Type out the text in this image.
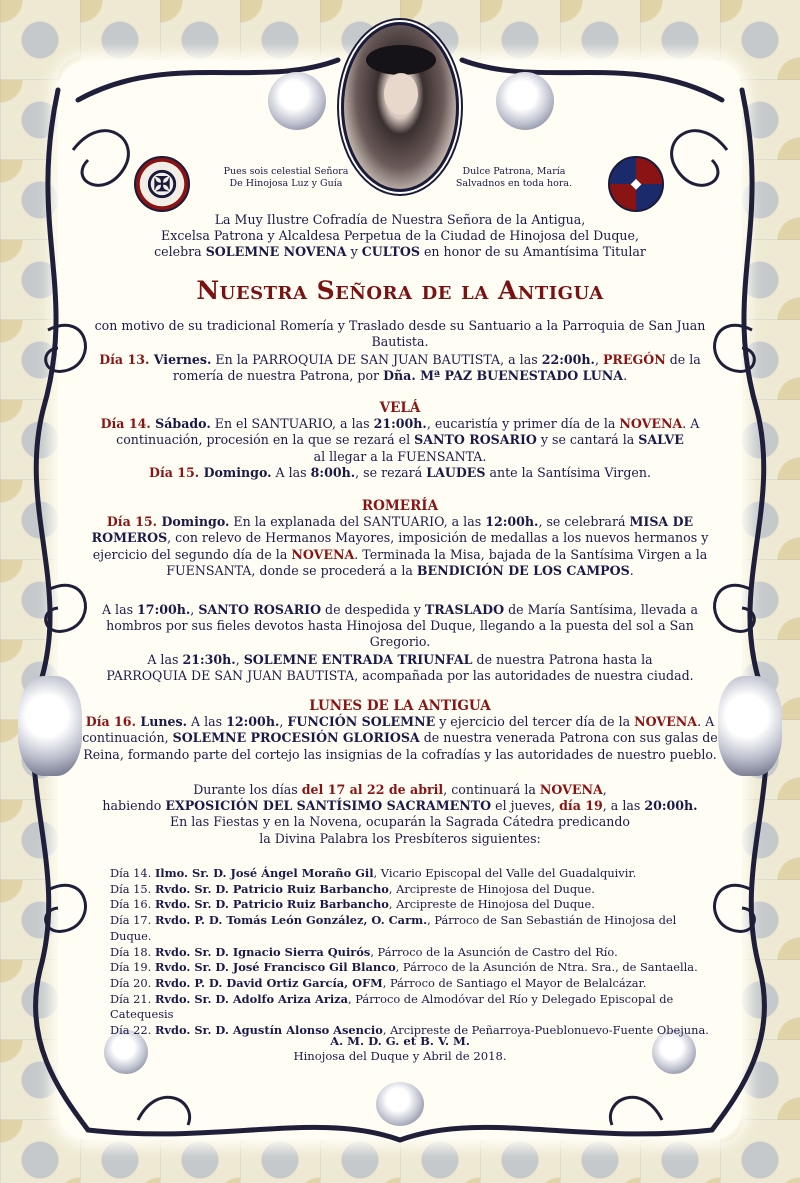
✠	◆
Pues sois celestial Señora
De Hinojosa Luz y Guía
Dulce Patrona, María
Salvadnos en toda hora.
La Muy Ilustre Cofradía de Nuestra Señora de la Antigua,
Excelsa Patrona y Alcaldesa Perpetua de la Ciudad de Hinojosa del Duque,
celebra SOLEMNE NOVENA y CULTOS en honor de su Amantísima Titular
Nuestra Señora de la Antigua
con motivo de su tradicional Romería y Traslado desde su Santuario a la Parroquia de San Juan Bautista.
Día 13. Viernes. En la PARROQUIA DE SAN JUAN BAUTISTA, a las 22:00h., PREGÓN de la
romería de nuestra Patrona, por Dña. Mª PAZ BUENESTADO LUNA.
VELÁ
Día 14. Sábado. En el SANTUARIO, a las 21:00h., eucaristía y primer día de la NOVENA. A
continuación, procesión en la que se rezará el SANTO ROSARIO y se cantará la SALVE
al llegar a la FUENSANTA.
Día 15. Domingo. A las 8:00h., se rezará LAUDES ante la Santísima Virgen.
ROMERÍA
Día 15. Domingo. En la explanada del SANTUARIO, a las 12:00h., se celebrará MISA DE
ROMEROS, con relevo de Hermanos Mayores, imposición de medallas a los nuevos hermanos y
ejercicio del segundo día de la NOVENA. Terminada la Misa, bajada de la Santísima Virgen a la
FUENSANTA, donde se procederá a la BENDICIÓN DE LOS CAMPOS.
A las 17:00h., SANTO ROSARIO de despedida y TRASLADO de María Santísima, llevada a
hombros por sus fieles devotos hasta Hinojosa del Duque, llegando a la puesta del sol a San Gregorio.
A las 21:30h., SOLEMNE ENTRADA TRIUNFAL de nuestra Patrona hasta la
PARROQUIA DE SAN JUAN BAUTISTA, acompañada por las autoridades de nuestra ciudad.
LUNES DE LA ANTIGUA
Día 16. Lunes. A las 12:00h., FUNCIÓN SOLEMNE y ejercicio del tercer día de la NOVENA. A
continuación, SOLEMNE PROCESIÓN GLORIOSA de nuestra venerada Patrona con sus galas de
Reina, formando parte del cortejo las insignias de la cofradías y las autoridades de nuestro pueblo.
Durante los días del 17 al 22 de abril, continuará la NOVENA,
habiendo EXPOSICIÓN DEL SANTÍSIMO SACRAMENTO el jueves, día 19, a las 20:00h.
En las Fiestas y en la Novena, ocuparán la Sagrada Cátedra predicando
la Divina Palabra los Presbíteros siguientes:
Día 14. Ilmo. Sr. D. José Ángel Moraño Gil, Vicario Episcopal del Valle del Guadalquivir.
Día 15. Rvdo. Sr. D. Patricio Ruiz Barbancho, Arcipreste de Hinojosa del Duque.
Día 16. Rvdo. Sr. D. Patricio Ruiz Barbancho, Arcipreste de Hinojosa del Duque.
Día 17. Rvdo. P. D. Tomás León González, O. Carm., Párroco de San Sebastián de Hinojosa del Duque.
Día 18. Rvdo. Sr. D. Ignacio Sierra Quirós, Párroco de la Asunción de Castro del Río.
Día 19. Rvdo. Sr. D. José Francisco Gil Blanco, Párroco de la Asunción de Ntra. Sra., de Santaella.
Día 20. Rvdo. P. D. David Ortiz García, OFM, Párroco de Santiago el Mayor de Belalcázar.
Día 21. Rvdo. Sr. D. Adolfo Ariza Ariza, Párroco de Almodóvar del Río y Delegado Episcopal de Catequesis
Día 22. Rvdo. Sr. D. Agustín Alonso Asencio, Arcipreste de Peñarroya-Pueblonuevo-Fuente Obejuna.
A. M. D. G. et B. V. M.
Hinojosa del Duque y Abril de 2018.
